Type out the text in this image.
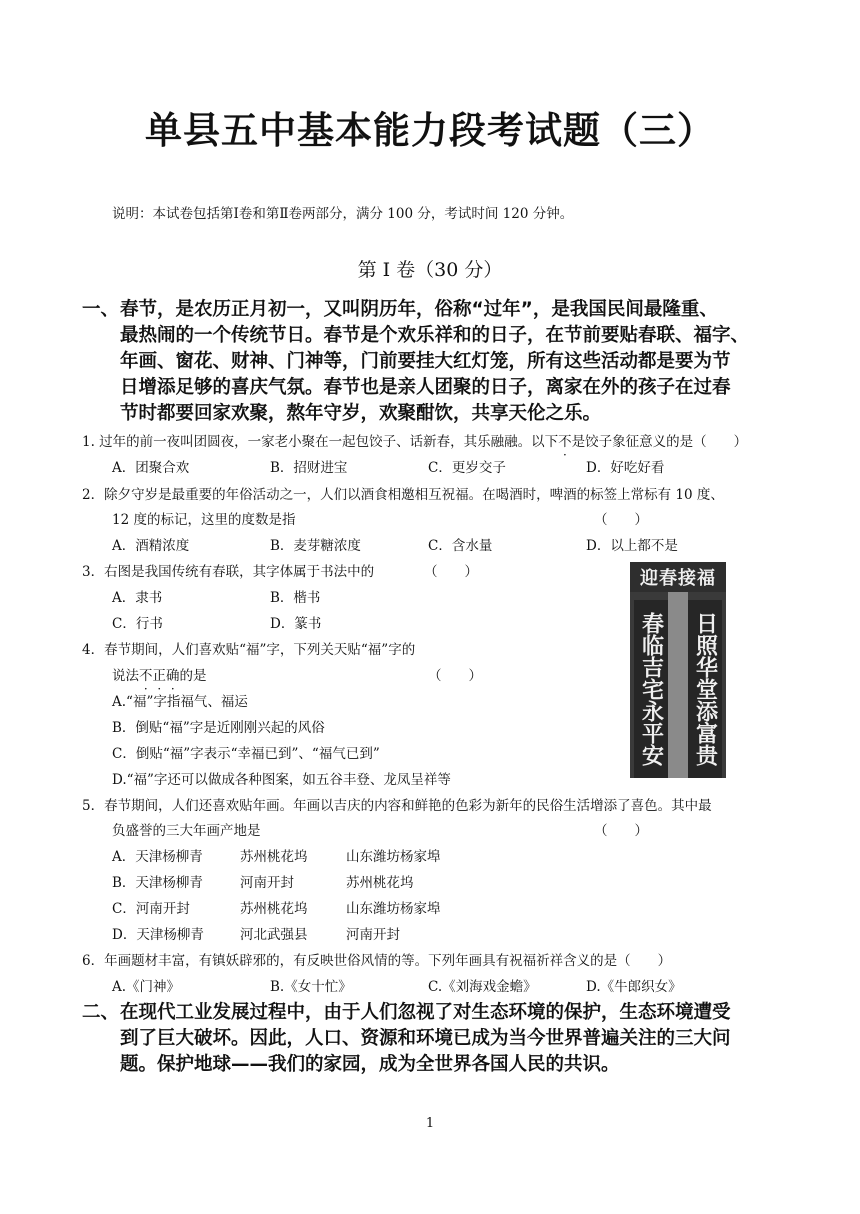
单县五中基本能力段考试题（三）
说明：本试卷包括第Ⅰ卷和第Ⅱ卷两部分，满分 100 分，考试时间 120 分钟。
第 Ⅰ 卷（30 分）
一、 春节，是农历正月初一，又叫阴历年，俗称“过年”，是我国民间最隆重、
最热闹的一个传统节日。春节是个欢乐祥和的日子，在节前要贴春联、福字、
年画、窗花、财神、门神等，门前要挂大红灯笼，所有这些活动都是要为节
日增添足够的喜庆气氛。春节也是亲人团聚的日子，离家在外的孩子在过春
节时都要回家欢聚，熬年守岁，欢聚酣饮，共享天伦之乐。
1. 过年的前一夜叫团圆夜，一家老小聚在一起包饺子、话新春，其乐融融。以下不是饺子象征意义的是（　　）
A．团聚合欢	B．招财进宝	C．更岁交子	D．好吃好看
2．除夕守岁是最重要的年俗活动之一，人们以酒食相邀相互祝福。在喝酒时，啤酒的标签上常标有 10 度、
12 度的标记，这里的度数是指	（　　）
A．酒精浓度	B．麦芽糖浓度	C．含水量	D．以上都不是
3．右图是我国传统有春联，其字体属于书法中的	（　　）
A．隶书	B．楷书
C．行书	D．篆书
迎春接福
春临吉宅永平安 日照华堂添富贵
4．春节期间，人们喜欢贴“福”字，下列关天贴“福”字的
说法不正确的是	（　　）
A.“福”字指福气、福运
B．倒贴“福”字是近刚刚兴起的风俗
C．倒贴“福”字表示“幸福已到”、“福气已到”
D.“福”字还可以做成各种图案，如五谷丰登、龙凤呈祥等
5．春节期间，人们还喜欢贴年画。年画以吉庆的内容和鲜艳的色彩为新年的民俗生活增添了喜色。其中最
负盛誉的三大年画产地是	（　　）
A．天津杨柳青	苏州桃花坞	山东潍坊杨家埠
B．天津杨柳青	河南开封	苏州桃花坞
C．河南开封	苏州桃花坞	山东潍坊杨家埠
D．天津杨柳青	河北武强县	河南开封
6．年画题材丰富，有镇妖辟邪的，有反映世俗风情的等。下列年画具有祝福祈祥含义的是（　　）
A.《门神》	B.《女十忙》	C.《刘海戏金蟾》	D.《牛郎织女》
二、 在现代工业发展过程中，由于人们忽视了对生态环境的保护，生态环境遭受
到了巨大破坏。因此，人口、资源和环境已成为当今世界普遍关注的三大问
题。保护地球——我们的家园，成为全世界各国人民的共识。
1
